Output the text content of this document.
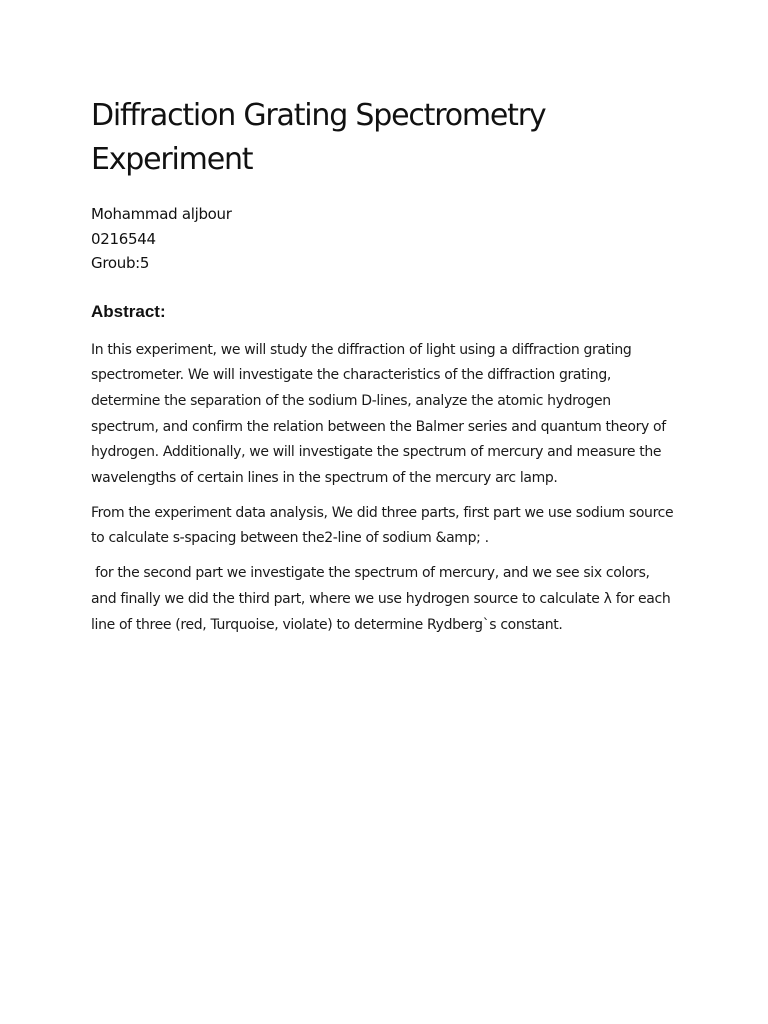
Diffraction Grating Spectrometry Experiment
Mohammad aljbour
0216544
Groub:5
Abstract:

In this experiment, we will study the diffraction of light using a diffraction grating spectrometer. We will investigate the characteristics of the diffraction grating, determine the separation of the sodium D-lines, analyze the atomic hydrogen spectrum, and confirm the relation between the Balmer series and quantum theory of hydrogen. Additionally, we will investigate the spectrum of mercury and measure the wavelengths of certain lines in the spectrum of the mercury arc lamp.

From the experiment data analysis, We did three parts, first part we use sodium source to calculate s-spacing between the2-line of sodium &amp; .

for the second part we investigate the spectrum of mercury, and we see six colors, and finally we did the third part, where we use hydrogen source to calculate λ for each line of three (red, Turquoise, violate) to determine Rydberg`s constant.
